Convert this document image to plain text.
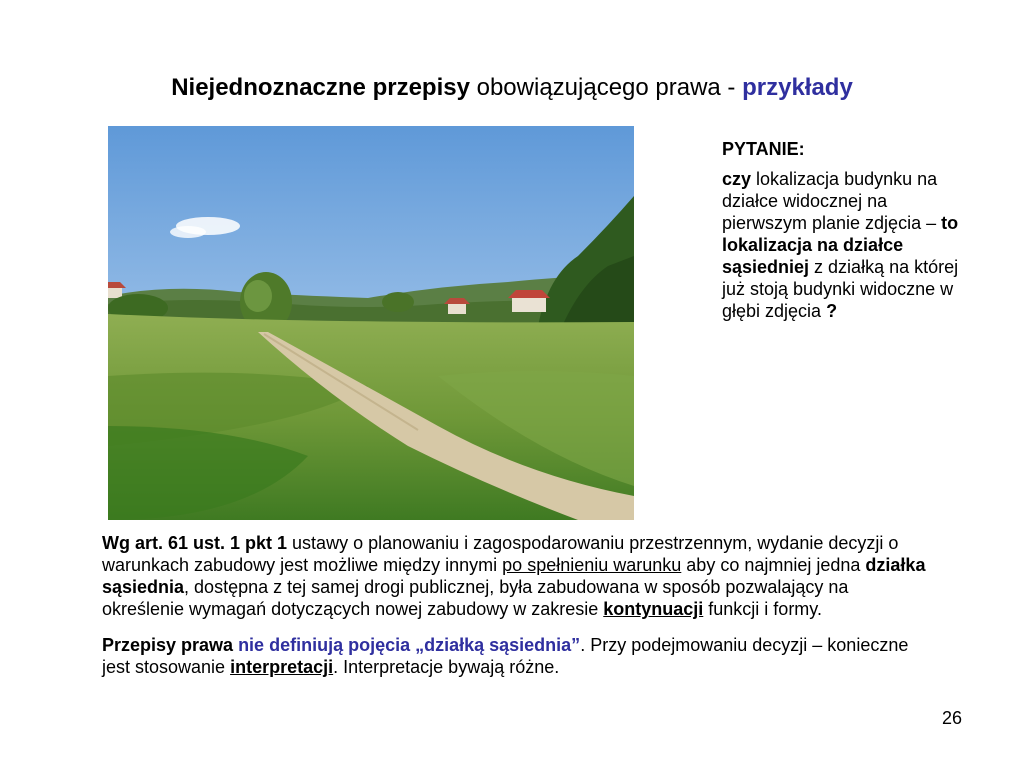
Niejednoznaczne przepisy obowiązującego prawa - przykłady

PYTANIE:

czy lokalizacja budynku na działce widocznej na pierwszym planie zdjęcia – to lokalizacja na działce sąsiedniej z działką na której już stoją budynki widoczne w głębi zdjęcia ?

Wg art. 61 ust. 1 pkt 1 ustawy o planowaniu i zagospodarowaniu przestrzennym, wydanie decyzji o warunkach zabudowy jest możliwe między innymi po spełnieniu warunku aby co najmniej jedna działka sąsiednia, dostępna z tej samej drogi publicznej, była zabudowana w sposób pozwalający na określenie wymagań dotyczących nowej zabudowy w zakresie kontynuacji funkcji i formy.

Przepisy prawa nie definiują pojęcia „działką sąsiednia”. Przy podejmowaniu decyzji – konieczne jest stosowanie interpretacji. Interpretacje bywają różne.

26
